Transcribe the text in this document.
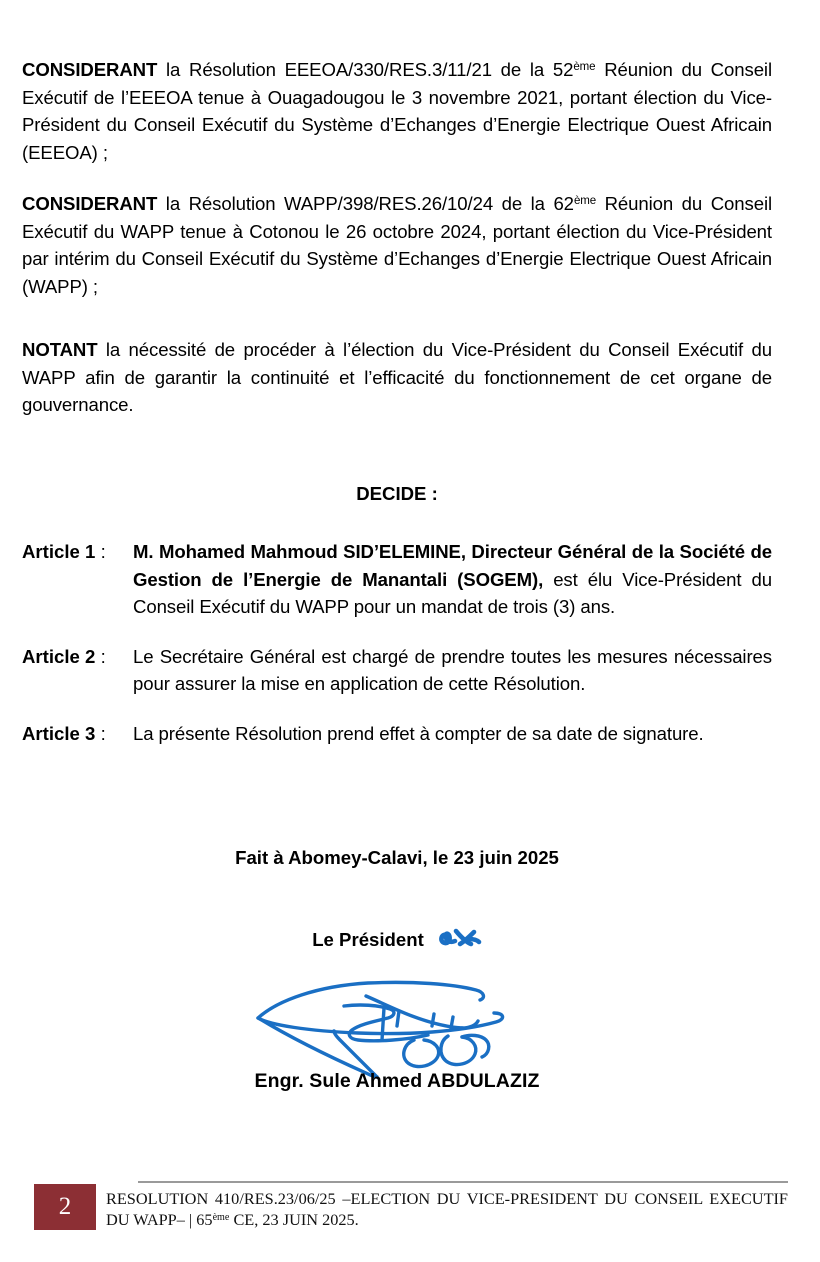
CONSIDERANT la Résolution EEEOA/330/RES.3/11/21 de la 52ème Réunion du Conseil Exécutif de l’EEEOA tenue à Ouagadougou le 3 novembre 2021, portant élection du Vice-Président du Conseil Exécutif du Système d’Echanges d’Energie Electrique Ouest Africain (EEEOA) ;

CONSIDERANT la Résolution WAPP/398/RES.26/10/24 de la 62ème Réunion du Conseil Exécutif du WAPP tenue à Cotonou le 26 octobre 2024, portant élection du Vice-Président par intérim du Conseil Exécutif du Système d’Echanges d’Energie Electrique Ouest Africain (WAPP) ;

NOTANT la nécessité de procéder à l’élection du Vice-Président du Conseil Exécutif du WAPP afin de garantir la continuité et l’efficacité du fonctionnement de cet organe de gouvernance.

DECIDE :
Article 1 :	M. Mohamed Mahmoud SID’ELEMINE, Directeur Général de la Société de Gestion de l’Energie de Manantali (SOGEM), est élu Vice-Président du Conseil Exécutif du WAPP pour un mandat de trois (3) ans.
Article 2 :	Le Secrétaire Général est chargé de prendre toutes les mesures nécessaires pour assurer la mise en application de cette Résolution.
Article 3 :	La présente Résolution prend effet à compter de sa date de signature.
Fait à Abomey-Calavi, le 23 juin 2025
Le Président
Engr. Sule Ahmed ABDULAZIZ
2	RESOLUTION 410/RES.23/06/25 –ELECTION DU VICE-PRESIDENT DU CONSEIL EXECUTIF DU WAPP– | 65ème CE, 23 JUIN 2025.
